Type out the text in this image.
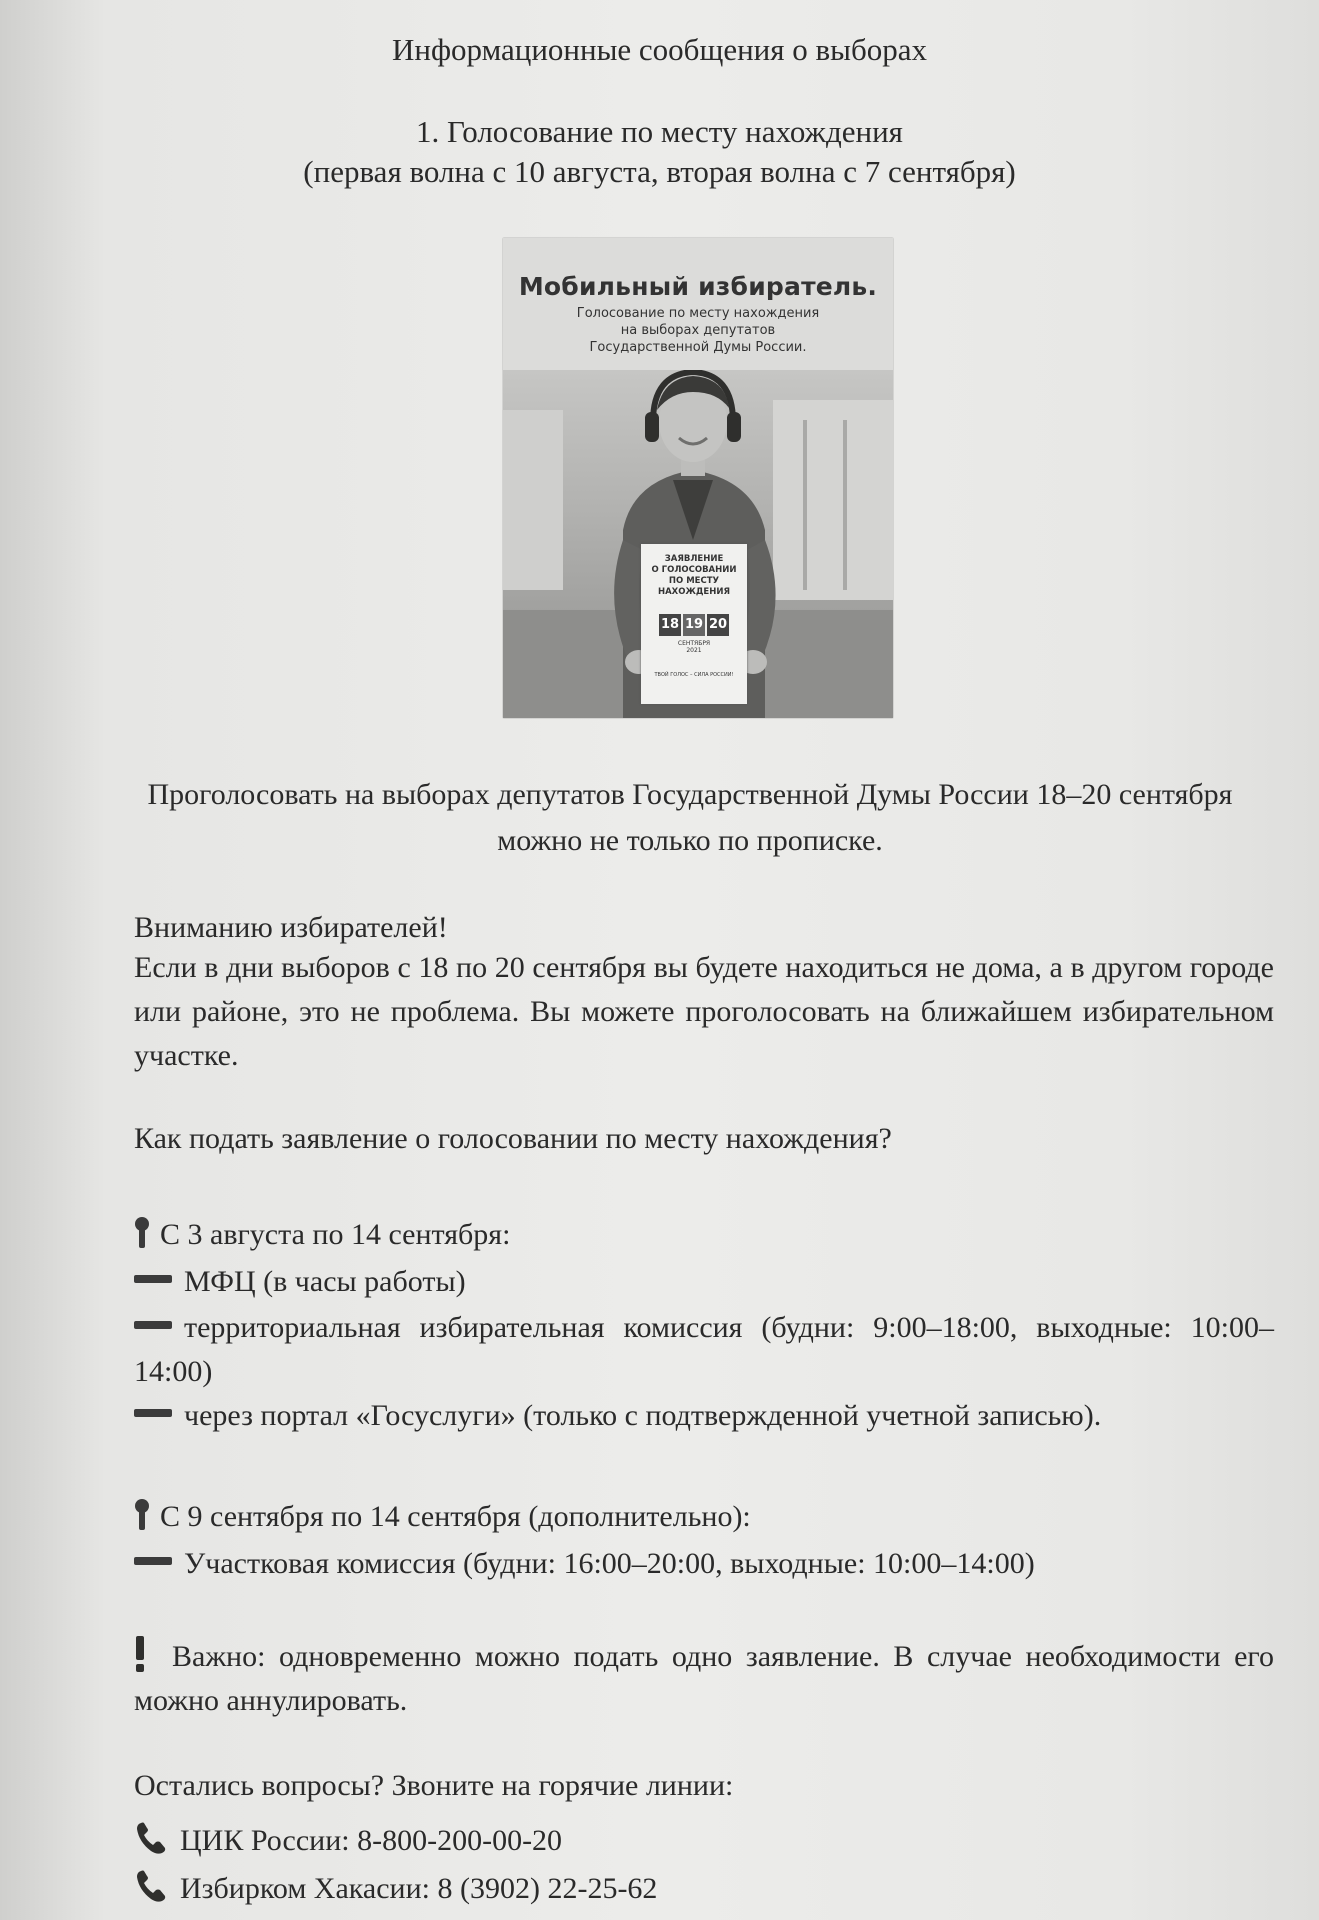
Информационные сообщения о выборах
1. Голосование по месту нахождения
(первая волна с 10 августа, вторая волна с 7 сентября)
Мобильный избиратель.
Голосование по месту нахождения
на выборах депутатов
Государственной Думы России.
ЗАЯВЛЕНИЕ
О ГОЛОСОВАНИИ
ПО МЕСТУ
НАХОЖДЕНИЯ
18 19 20
СЕНТЯБРЯ
2021
ТВОЙ ГОЛОС – СИЛА РОССИИ!
Проголосовать на выборах депутатов Государственной Думы России 18–20 сентября можно не только по прописке.
Вниманию избирателей!
Если в дни выборов с 18 по 20 сентября вы будете находиться не дома, а в другом городе или районе, это не проблема. Вы можете проголосовать на ближайшем избирательном участке.
Как подать заявление о голосовании по месту нахождения?
С 3 августа по 14 сентября:
МФЦ (в часы работы)
территориальная избирательная комиссия (будни: 9:00–18:00, выходные: 10:00–14:00)
через портал «Госуслуги» (только с подтвержденной учетной записью).
С 9 сентября по 14 сентября (дополнительно):
Участковая комиссия (будни: 16:00–20:00, выходные: 10:00–14:00)
Важно: одновременно можно подать одно заявление. В случае необходимости его можно аннулировать.
Остались вопросы? Звоните на горячие линии:
ЦИК России: 8-800-200-00-20
Избирком Хакасии: 8 (3902) 22-25-62
